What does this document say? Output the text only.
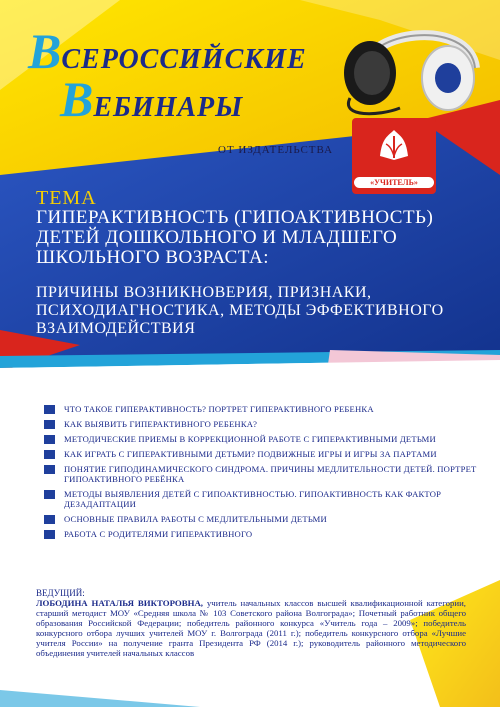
ВСЕРОССИЙСКИЕ
ВЕБИНАРЫ
ОТ ИЗДАТЕЛЬСТВА
«УЧИТЕЛЬ»
ТЕМА
ГИПЕРАКТИВНОСТЬ (ГИПОАКТИВНОСТЬ) ДЕТЕЙ ДОШКОЛЬНОГО И МЛАДШЕГО ШКОЛЬНОГО ВОЗРАСТА:
ПРИЧИНЫ ВОЗНИКНОВЕРИЯ, ПРИЗНАКИ, ПСИХОДИАГНОСТИКА, МЕТОДЫ ЭФФЕКТИВНОГО ВЗАИМОДЕЙСТВИЯ
ЧТО ТАКОЕ ГИПЕРАКТИВНОСТЬ? ПОРТРЕТ ГИПЕРАКТИВНОГО РЕБЕНКА
КАК ВЫЯВИТЬ ГИПЕРАКТИВНОГО РЕБЕНКА?
МЕТОДИЧЕСКИЕ ПРИЕМЫ В КОРРЕКЦИОННОЙ РАБОТЕ С ГИПЕРАКТИВНЫМИ ДЕТЬМИ
КАК ИГРАТЬ С ГИПЕРАКТИВНЫМИ ДЕТЬМИ? ПОДВИЖНЫЕ ИГРЫ И ИГРЫ ЗА ПАРТАМИ
ПОНЯТИЕ ГИПОДИНАМИЧЕСКОГО СИНДРОМА. ПРИЧИНЫ МЕДЛИТЕЛЬНОСТИ ДЕТЕЙ. ПОРТРЕТ ГИПОАКТИВНОГО РЕБЁНКА
МЕТОДЫ ВЫЯВЛЕНИЯ ДЕТЕЙ С ГИПОАКТИВНОСТЬЮ. ГИПОАКТИВНОСТЬ КАК ФАКТОР ДЕЗАДАПТАЦИИ
ОСНОВНЫЕ ПРАВИЛА РАБОТЫ С МЕДЛИТЕЛЬНЫМИ ДЕТЬМИ
РАБОТА С РОДИТЕЛЯМИ ГИПЕРАКТИВНОГО
ВЕДУЩИЙ:
ЛОБОДИНА НАТАЛЬЯ ВИКТОРОВНА, учитель начальных классов высшей квалификационной категории, старший методист МОУ «Средняя школа № 103 Советского района Волгограда»; Почетный работник общего образования Российской Федерации; победитель районного конкурса «Учитель года – 2009»; победитель конкурсного отбора лучших учителей МОУ г. Волгограда (2011 г.); победитель конкурсного отбора «Лучшие учителя России» на получение гранта Президента РФ (2014 г.); руководитель районного методического объединения учителей начальных классов
